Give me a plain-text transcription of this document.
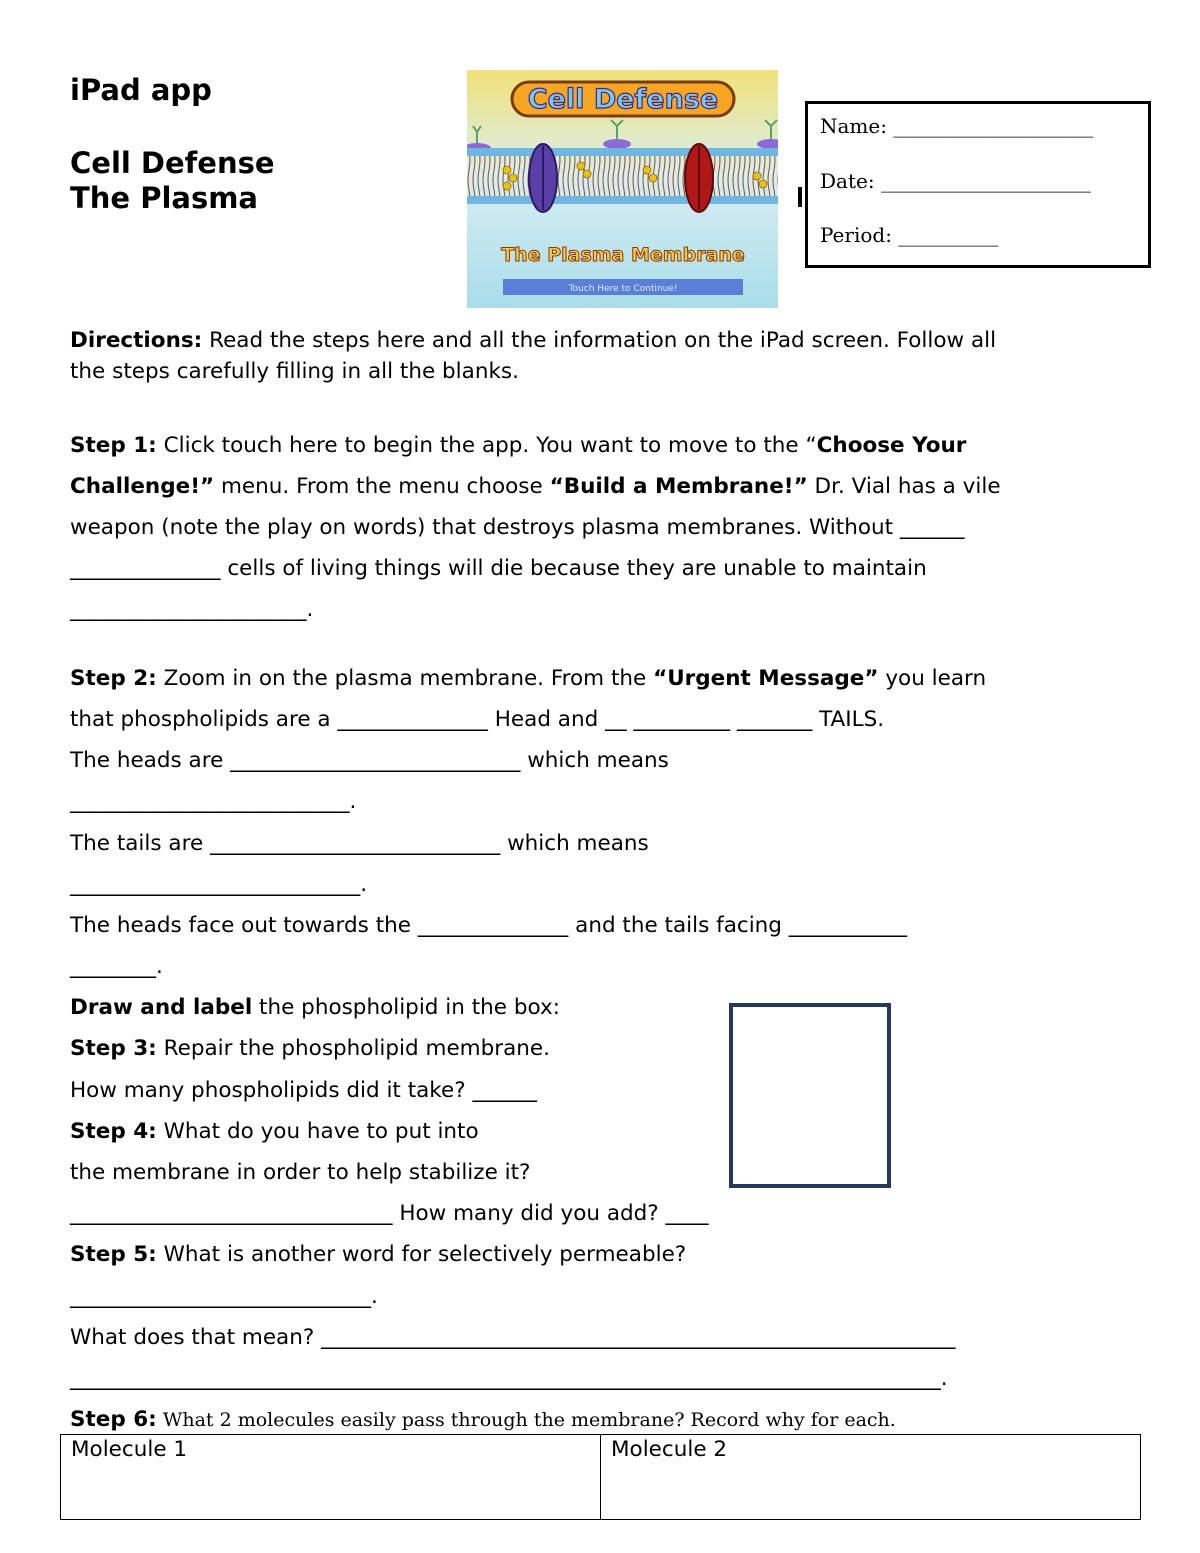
iPad app
Cell Defense
The Plasma
Cell Defense
The Plasma Membrane
Touch Here to Continue!
Name: ____________________
Date: _____________________
Period: __________
Directions: Read the steps here and all the information on the iPad screen. Follow all
the steps carefully filling in all the blanks.
Step 1: Click touch here to begin the app. You want to move to the “Choose Your
Challenge!” menu. From the menu choose “Build a Membrane!” Dr. Vial has a vile
weapon (note the play on words) that destroys plasma membranes. Without ______
______________ cells of living things will die because they are unable to maintain
______________________.
Step 2: Zoom in on the plasma membrane. From the “Urgent Message” you learn
that phospholipids are a ______________ Head and __ _________ _______ TAILS.
The heads are ___________________________ which means
__________________________.
The tails are ___________________________ which means
___________________________.
The heads face out towards the ______________ and the tails facing ___________
________.
Draw and label the phospholipid in the box:
Step 3: Repair the phospholipid membrane.
How many phospholipids did it take? ______
Step 4: What do you have to put into
the membrane in order to help stabilize it?
______________________________ How many did you add? ____
Step 5: What is another word for selectively permeable?
____________________________.
What does that mean? ___________________________________________________________
_________________________________________________________________________________.
Step 6: What 2 molecules easily pass through the membrane? Record why for each.
Molecule 1	Molecule 2
